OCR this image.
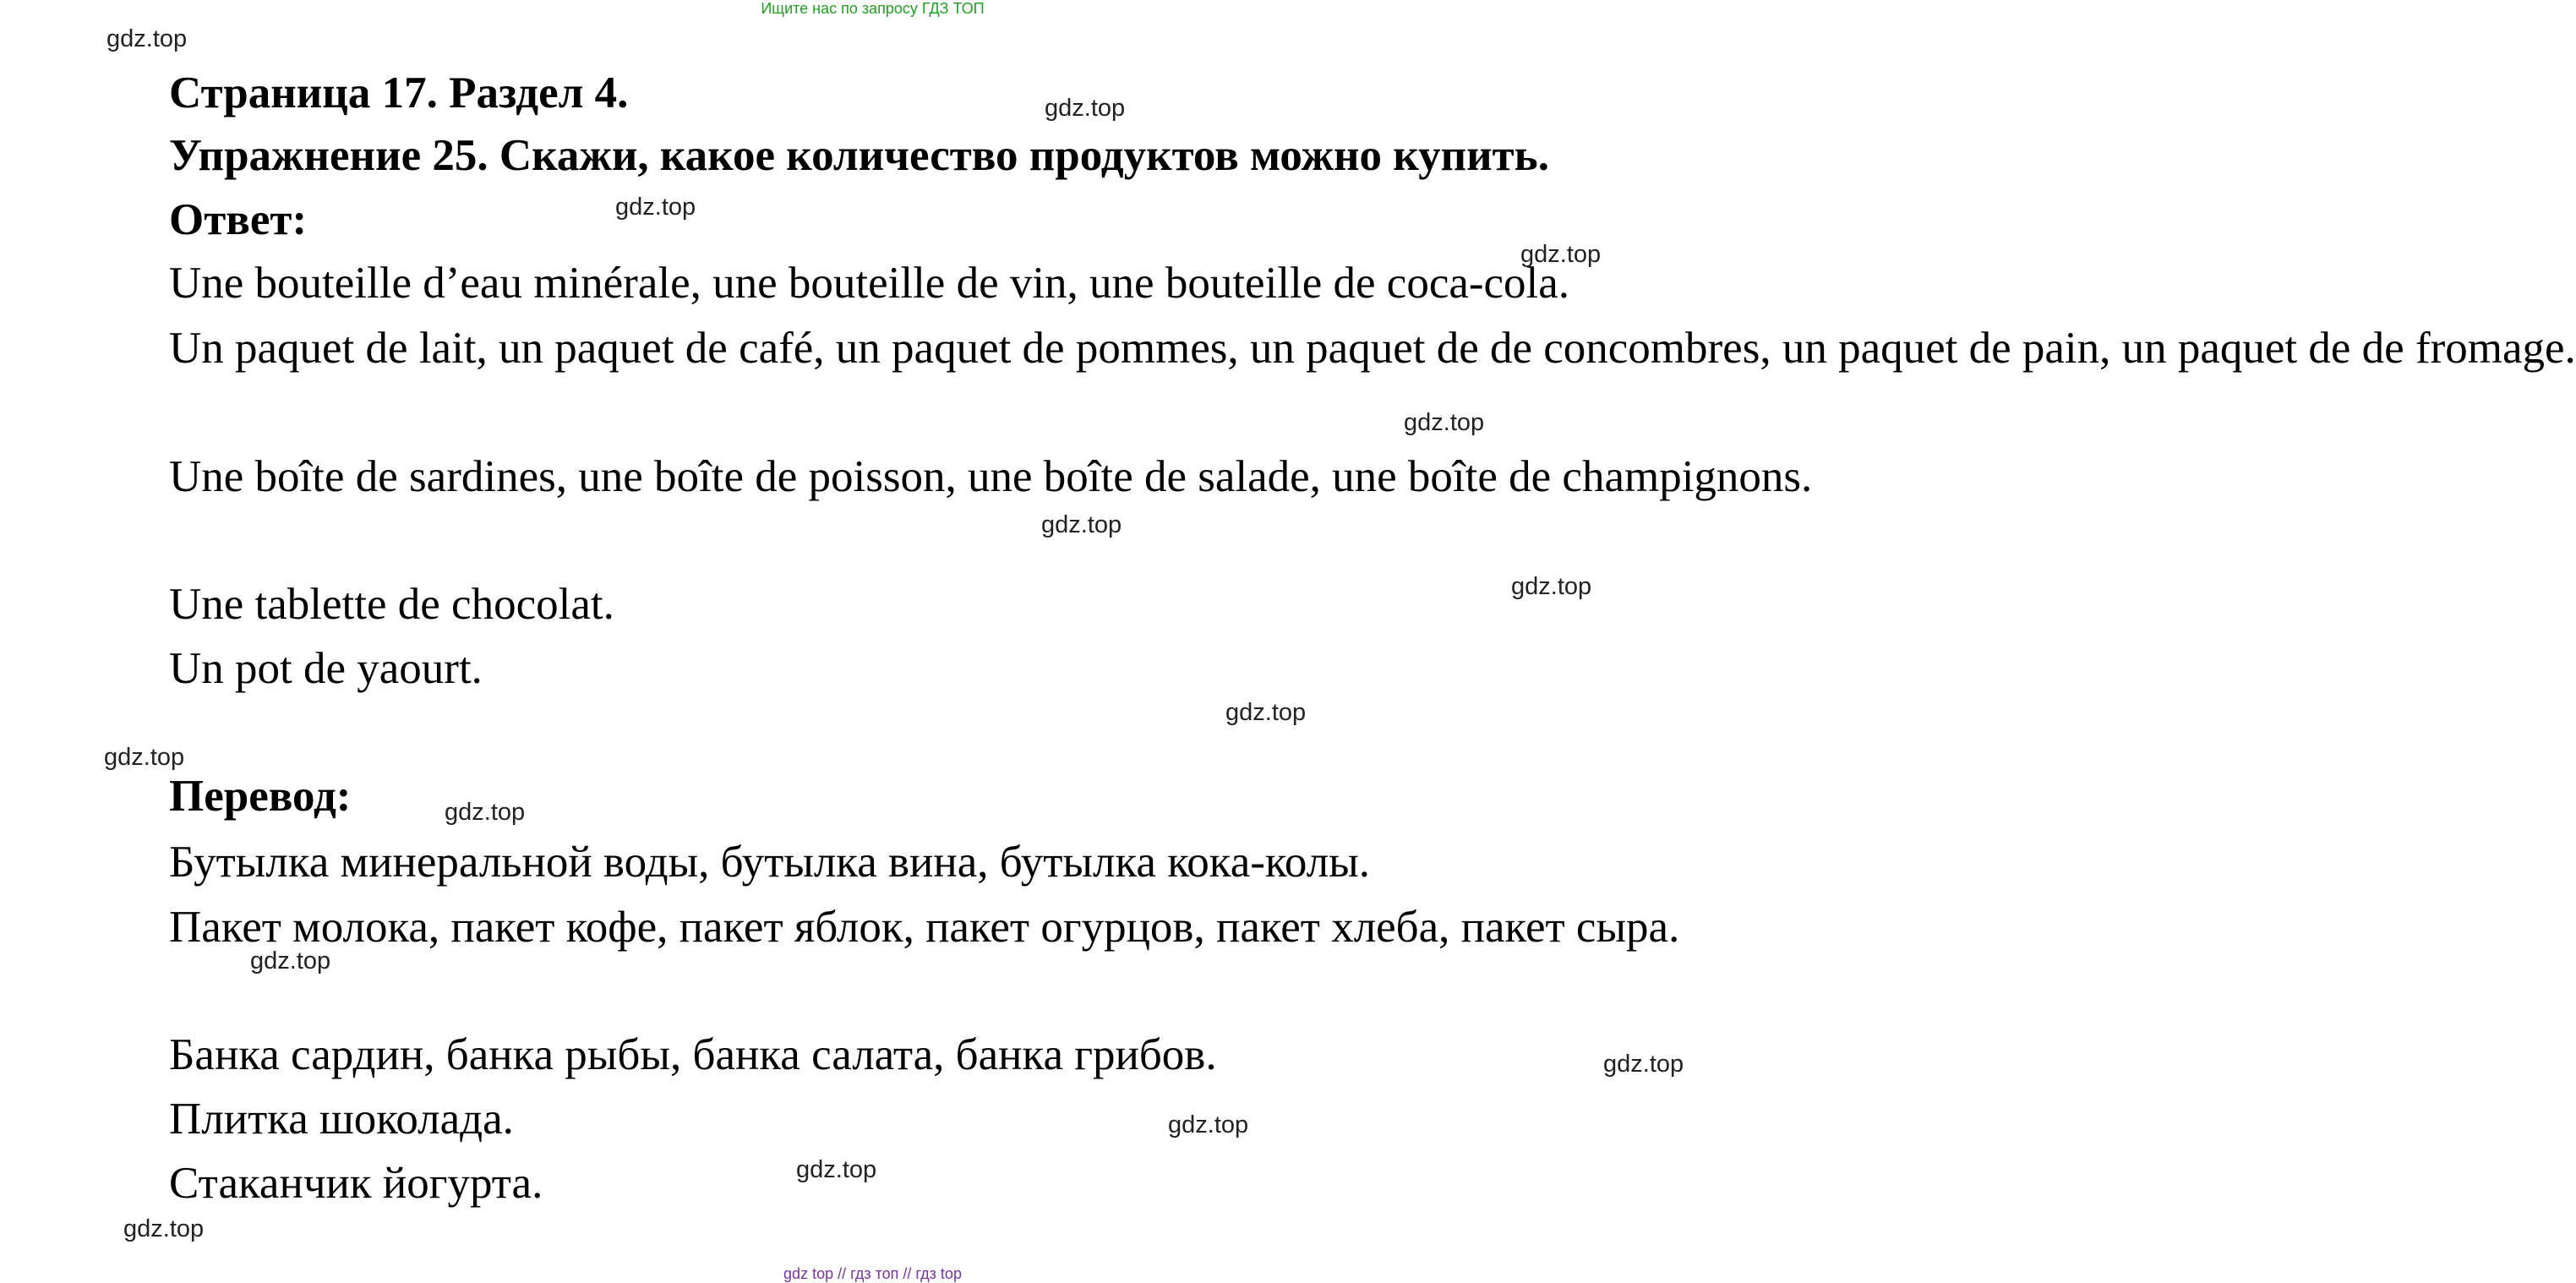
Ищите нас по запросу ГДЗ ТОП
Страница 17. Раздел 4.
Упражнение 25. Скажи, какое количество продуктов можно купить.
Ответ:
Une bouteille d’eau minérale, une bouteille de vin, une bouteille de coca-cola.
Un paquet de lait, un paquet de café, un paquet de pommes, un paquet de de concombres, un paquet de pain, un paquet de de fromage.
Une boîte de sardines, une boîte de poisson, une boîte de salade, une boîte de champignons.
Une tablette de chocolat.
Un pot de yaourt.
Перевод:
Бутылка минеральной воды, бутылка вина, бутылка кока-колы.
Пакет молока, пакет кофе, пакет яблок, пакет огурцов, пакет хлеба, пакет сыра.
Банка сардин, банка рыбы, банка салата, банка грибов.
Плитка шоколада.
Стаканчик йогурта.
gdz.top
gdz.top
gdz.top
gdz.top
gdz.top
gdz.top
gdz.top
gdz.top
gdz.top
gdz.top
gdz.top
gdz.top
gdz.top
gdz.top
gdz.top
gdz top // гдз топ // гдз top
